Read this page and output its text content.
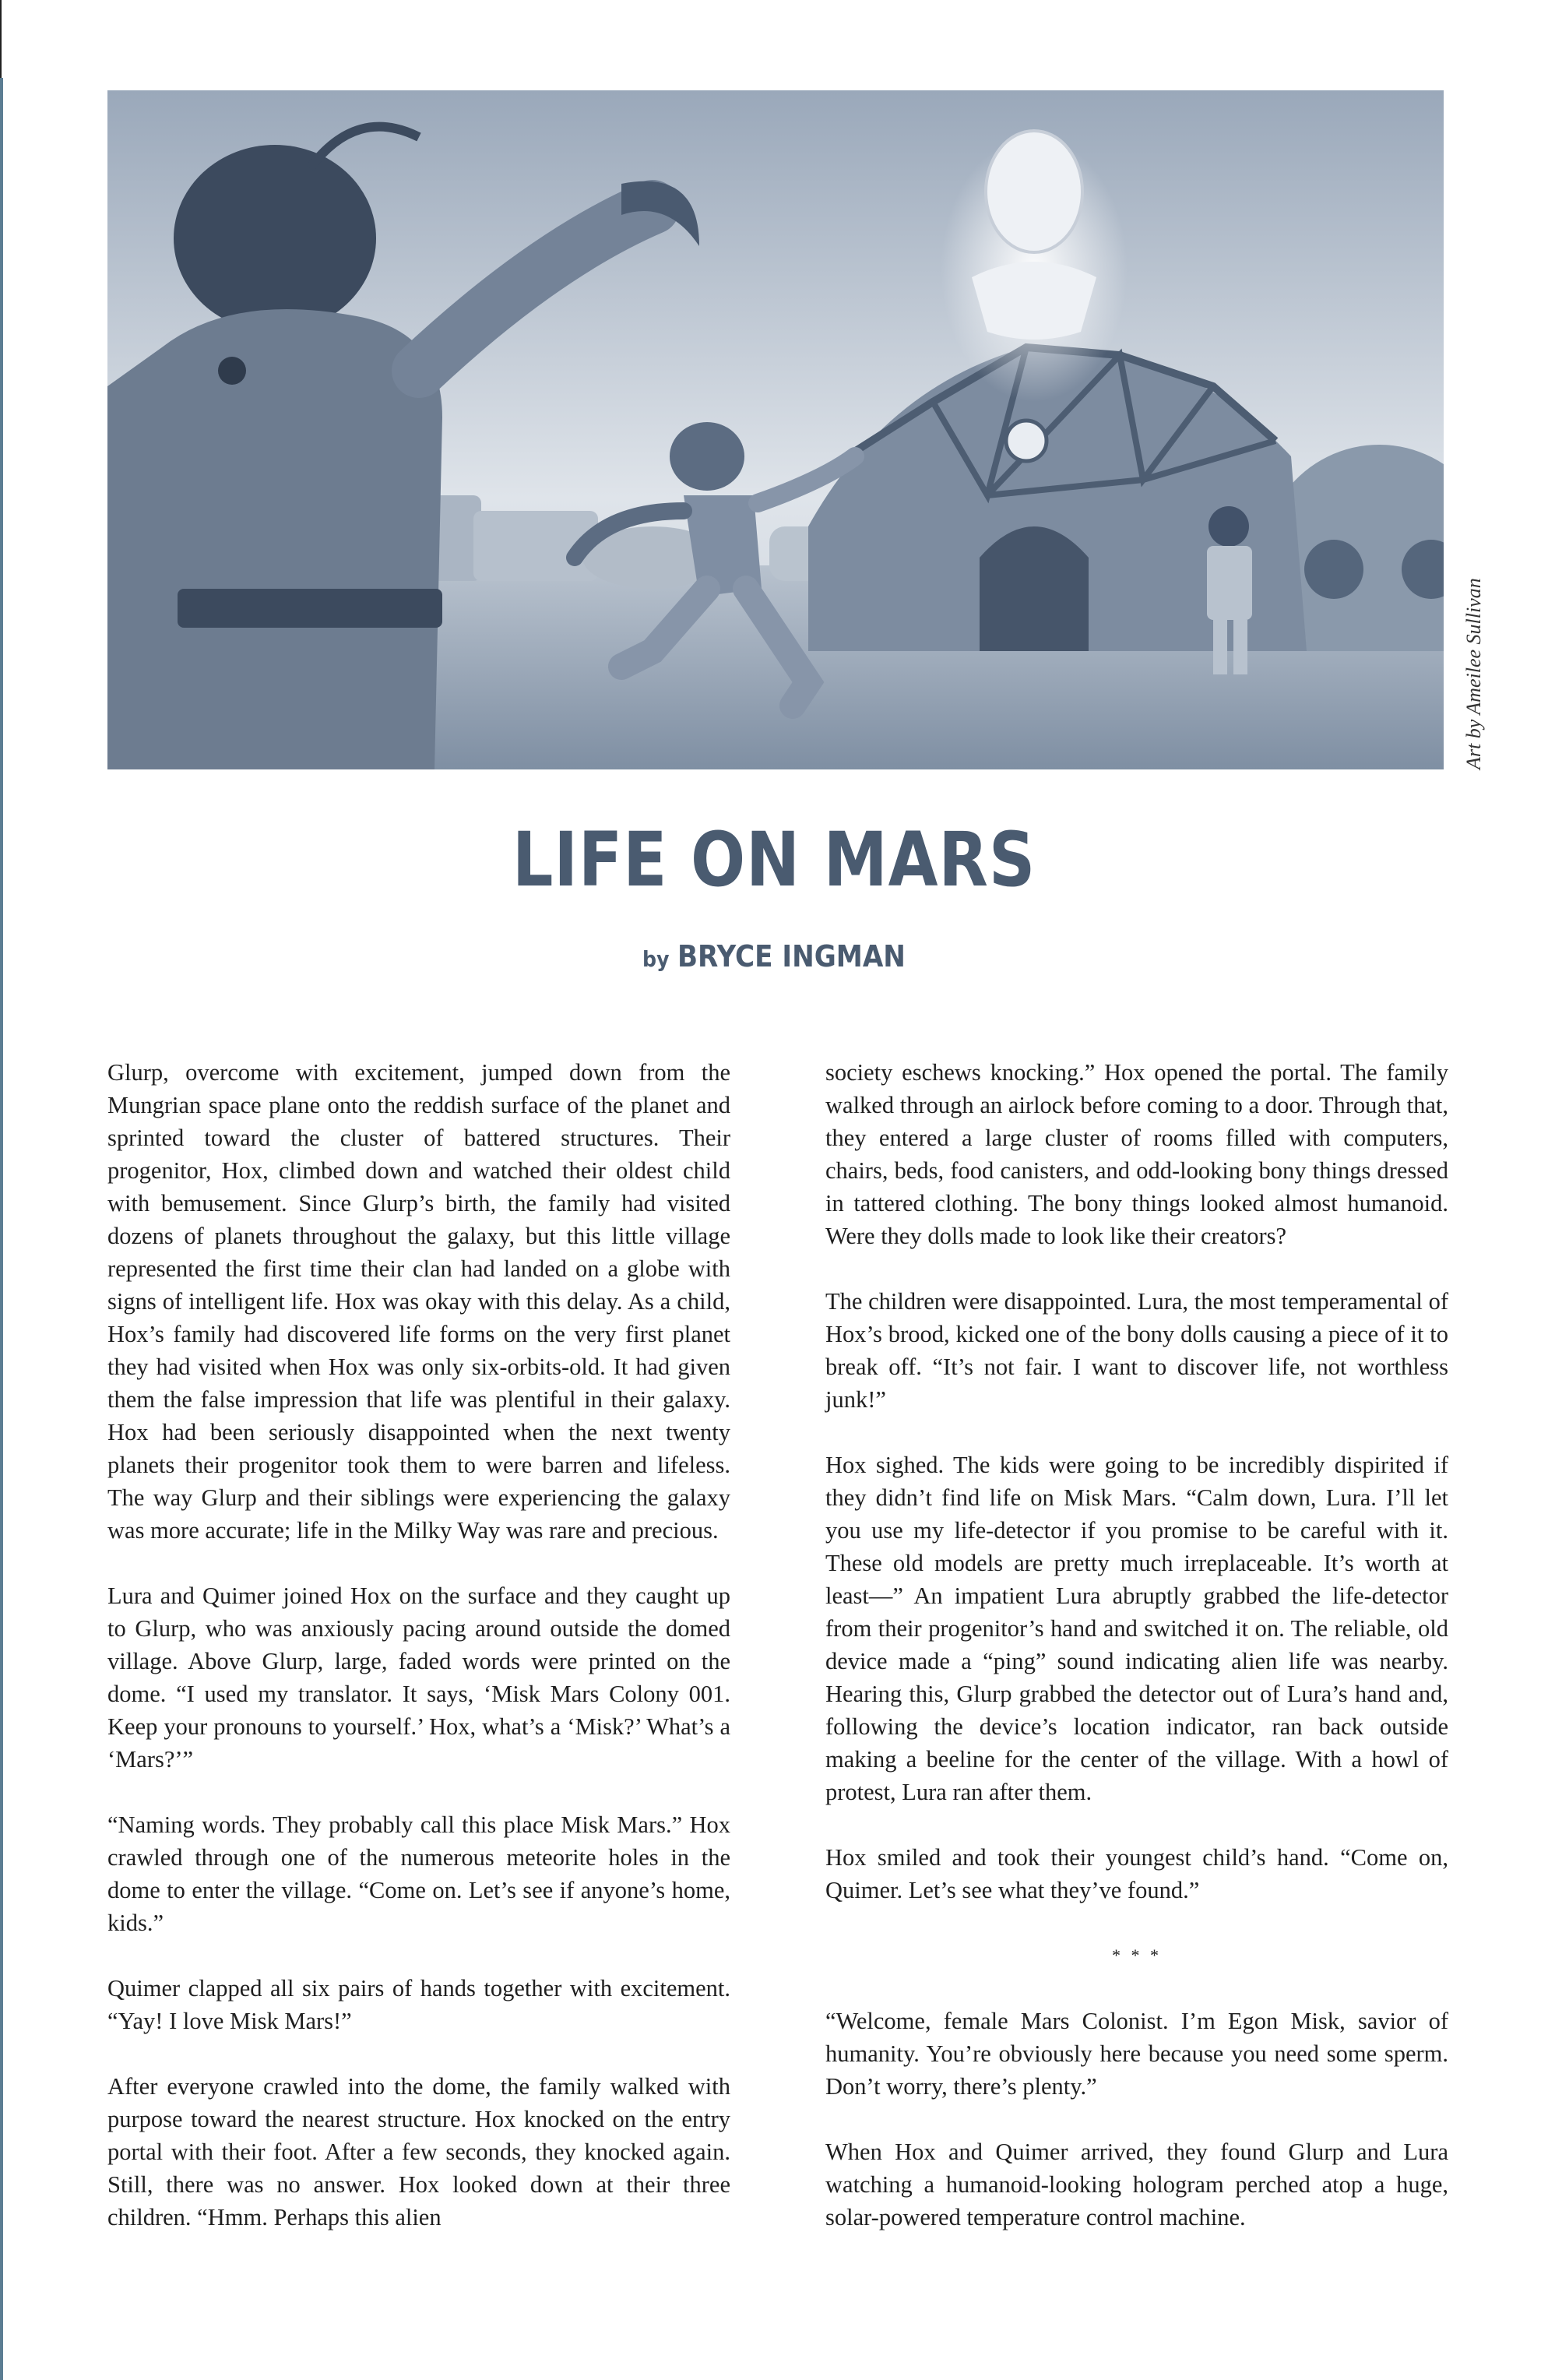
Art by Ameilee Sullivan
LIFE ON MARS
by BRYCE INGMAN

Glurp, overcome with excitement, jumped down from the Mungrian space plane onto the reddish surface of the planet and sprinted toward the cluster of battered structures. Their progenitor, Hox, climbed down and watched their oldest child with bemusement. Since Glurp’s birth, the family had visited dozens of planets throughout the galaxy, but this little village represented the first time their clan had landed on a globe with signs of intelligent life. Hox was okay with this delay. As a child, Hox’s family had discovered life forms on the very first planet they had visited when Hox was only six-orbits-old. It had given them the false impression that life was plentiful in their galaxy. Hox had been seriously disappointed when the next twenty planets their progenitor took them to were barren and lifeless. The way Glurp and their siblings were experiencing the galaxy was more accurate; life in the Milky Way was rare and precious.

Lura and Quimer joined Hox on the surface and they caught up to Glurp, who was anxiously pacing around outside the domed village. Above Glurp, large, faded words were printed on the dome. “I used my translator. It says, ‘Misk Mars Colony 001. Keep your pronouns to yourself.’ Hox, what’s a ‘Misk?’ What’s a ‘Mars?’”

“Naming words. They probably call this place Misk Mars.” Hox crawled through one of the numerous meteorite holes in the dome to enter the village. “Come on. Let’s see if anyone’s home, kids.”

Quimer clapped all six pairs of hands together with excitement. “Yay! I love Misk Mars!”

After everyone crawled into the dome, the family walked with purpose toward the nearest structure. Hox knocked on the entry portal with their foot. After a few seconds, they knocked again. Still, there was no answer. Hox looked down at their three children. “Hmm. Perhaps this alien

society eschews knocking.” Hox opened the portal. The family walked through an airlock before coming to a door. Through that, they entered a large cluster of rooms filled with computers, chairs, beds, food canisters, and odd-looking bony things dressed in tattered clothing. The bony things looked almost humanoid. Were they dolls made to look like their creators?

The children were disappointed. Lura, the most temperamental of Hox’s brood, kicked one of the bony dolls causing a piece of it to break off. “It’s not fair. I want to discover life, not worthless junk!”

Hox sighed. The kids were going to be incredibly dispirited if they didn’t find life on Misk Mars. “Calm down, Lura. I’ll let you use my life-detector if you promise to be careful with it. These old models are pretty much irreplaceable. It’s worth at least—” An impatient Lura abruptly grabbed the life-detector from their progenitor’s hand and switched it on. The reliable, old device made a “ping” sound indicating alien life was nearby. Hearing this, Glurp grabbed the detector out of Lura’s hand and, following the device’s location indicator, ran back outside making a beeline for the center of the village. With a howl of protest, Lura ran after them.

Hox smiled and took their youngest child’s hand. “Come on, Quimer. Let’s see what they’ve found.”

* * *

“Welcome, female Mars Colonist. I’m Egon Misk, savior of humanity. You’re obviously here because you need some sperm. Don’t worry, there’s plenty.”

When Hox and Quimer arrived, they found Glurp and Lura watching a humanoid-looking hologram perched atop a huge, solar-powered temperature control machine.
